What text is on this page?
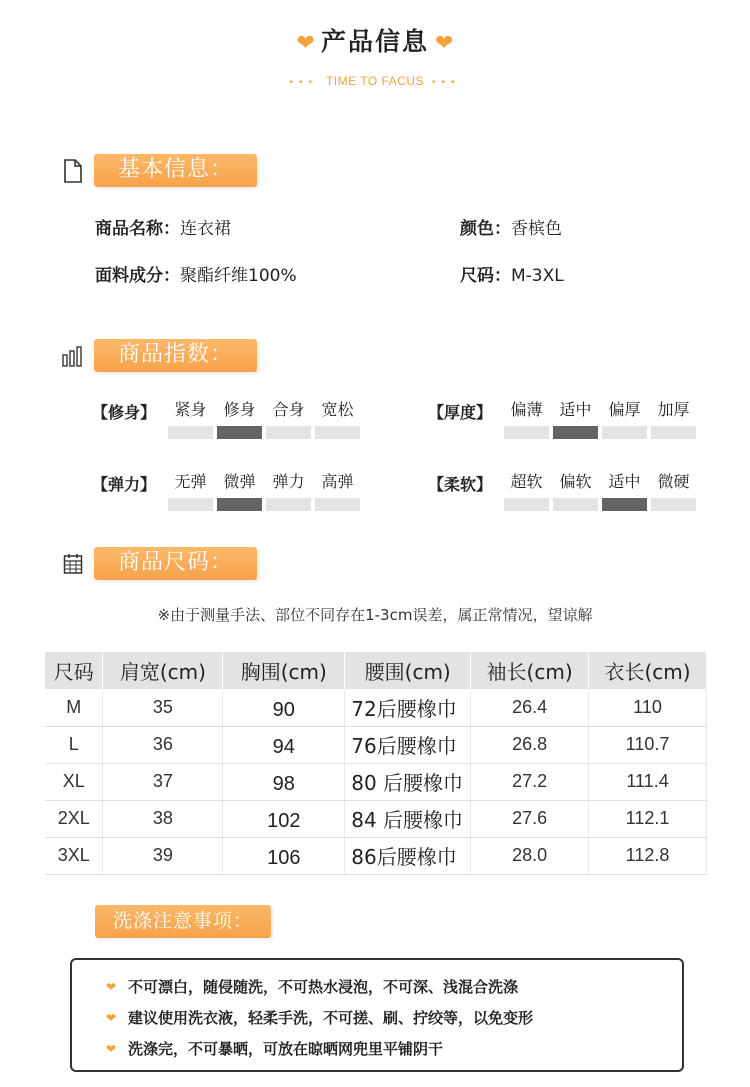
❤ 产品信息 ❤
••• TIME TO FACUS •••
基本信息：
商品名称：连衣裙	颜色：香槟色
面料成分：聚酯纤维100%	尺码：M-3XL
商品指数：
【修身】	紧身	修身	合身	宽松	【厚度】	偏薄	适中	偏厚	加厚
【弹力】	无弹	微弹	弹力	高弹	【柔软】	超软	偏软	适中	微硬
商品尺码：
※由于测量手法、部位不同存在1-3cm误差，属正常情况，望谅解
尺码	肩宽(cm)	胸围(cm)	腰围(cm)	袖长(cm)	衣长(cm)
M	35	90	72后腰橡巾	26.4	110
L	36	94	76后腰橡巾	26.8	110.7
XL	37	98	80 后腰橡巾	27.2	111.4
2XL	38	102	84 后腰橡巾	27.6	112.1
3XL	39	106	86后腰橡巾	28.0	112.8
洗涤注意事项：
❤ 不可漂白，随侵随洗，不可热水浸泡，不可深、浅混合洗涤
❤ 建议使用洗衣液，轻柔手洗，不可搓、刷、拧绞等，以免变形
❤ 洗涤完，不可暴晒，可放在晾晒网兜里平铺阴干
